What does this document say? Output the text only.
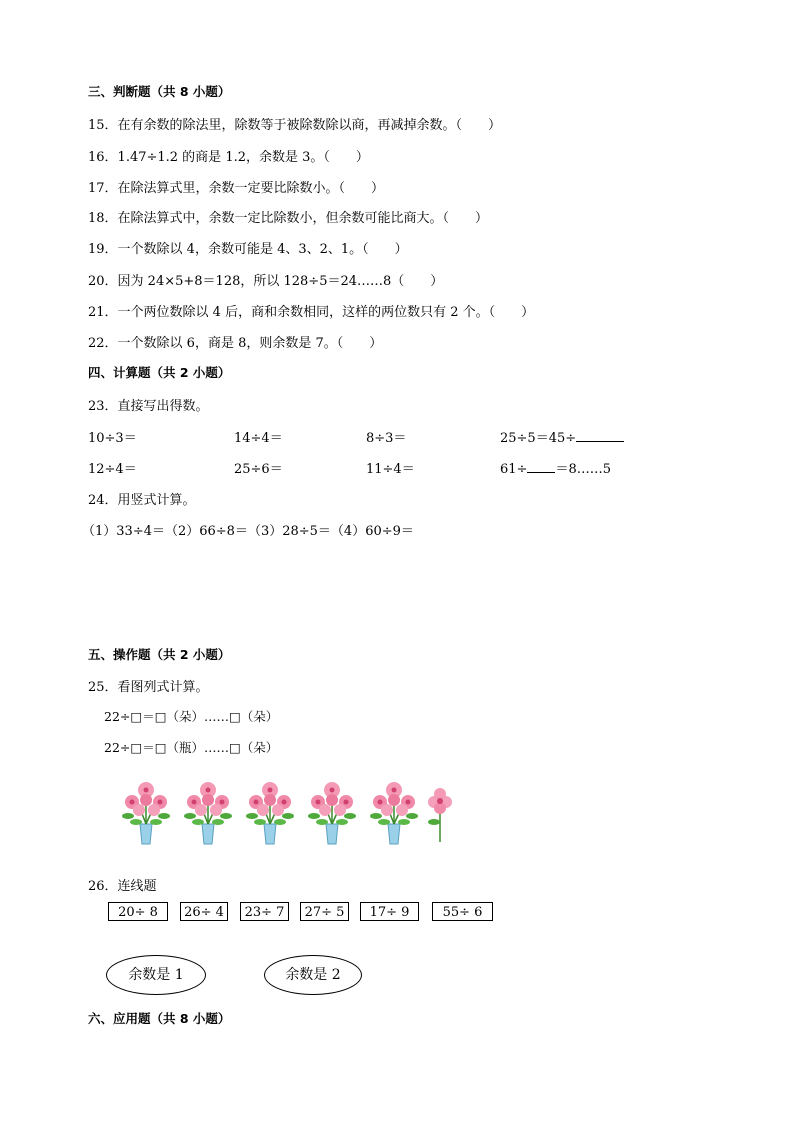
三、判断题（共 8 小题）
15．在有余数的除法里，除数等于被除数除以商，再减掉余数。（　　）
16．1.47÷1.2 的商是 1.2，余数是 3。（　　）
17．在除法算式里，余数一定要比除数小。（　　）
18．在除法算式中，余数一定比除数小，但余数可能比商大。（　　）
19．一个数除以 4，余数可能是 4、3、2、1。（　　）
20．因为 24×5+8＝128，所以 128÷5＝24……8（　　）
21．一个两位数除以 4 后，商和余数相同，这样的两位数只有 2 个。（　　）
22．一个数除以 6，商是 8，则余数是 7。（　　）
四、计算题（共 2 小题）
23．直接写出得数。
10÷3＝	14÷4＝	8÷3＝	25÷5＝45÷
12÷4＝	25÷6＝	11÷4＝	61÷ ＝8……5
24．用竖式计算。
（1）33÷4＝（2）66÷8＝（3）28÷5＝（4）60÷9＝
五、操作题（共 2 小题）
25．看图列式计算。
22÷□＝□（朵）……□（朵）
22÷□＝□（瓶）……□（朵）
26．连线题
20÷ 8	26÷ 4	23÷ 7	27÷ 5	17÷ 9	55÷ 6
余数是 1	余数是 2
六、应用题（共 8 小题）
